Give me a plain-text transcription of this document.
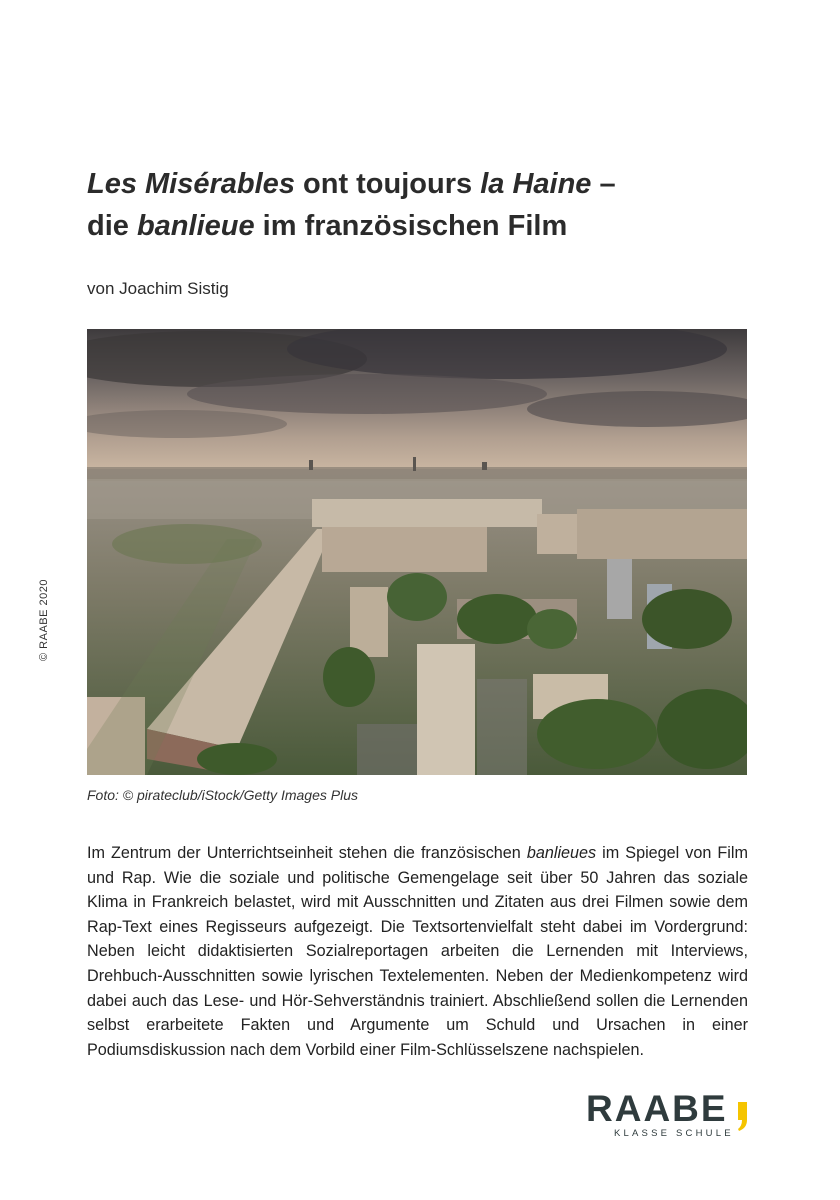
Les Misérables ont toujours la Haine –
die banlieue im französischen Film
von Joachim Sistig
© RAABE 2020
Foto: © pirateclub/iStock/Getty Images Plus

Im Zentrum der Unterrichtseinheit stehen die französischen banlieues im Spiegel von Film und Rap. Wie die soziale und politische Gemengelage seit über 50 Jahren das soziale Klima in Frankreich belastet, wird mit Ausschnitten und Zitaten aus drei Filmen sowie dem Rap-Text eines Regisseurs aufgezeigt. Die Textsortenvielfalt steht dabei im Vordergrund: Neben leicht didaktisierten Sozialreportagen arbeiten die Lernenden mit Interviews, Drehbuch-Ausschnitten sowie lyrischen Textelementen. Neben der Medienkompetenz wird dabei auch das Lese- und Hör-Sehverständnis trainiert. Abschließend sollen die Lernenden selbst erarbeitete Fakten und Argumente um Schuld und Ursachen in einer Podiumsdiskussion nach dem Vorbild einer Film-Schlüsselszene nachspielen.

RAABE
KLASSE SCHULE
